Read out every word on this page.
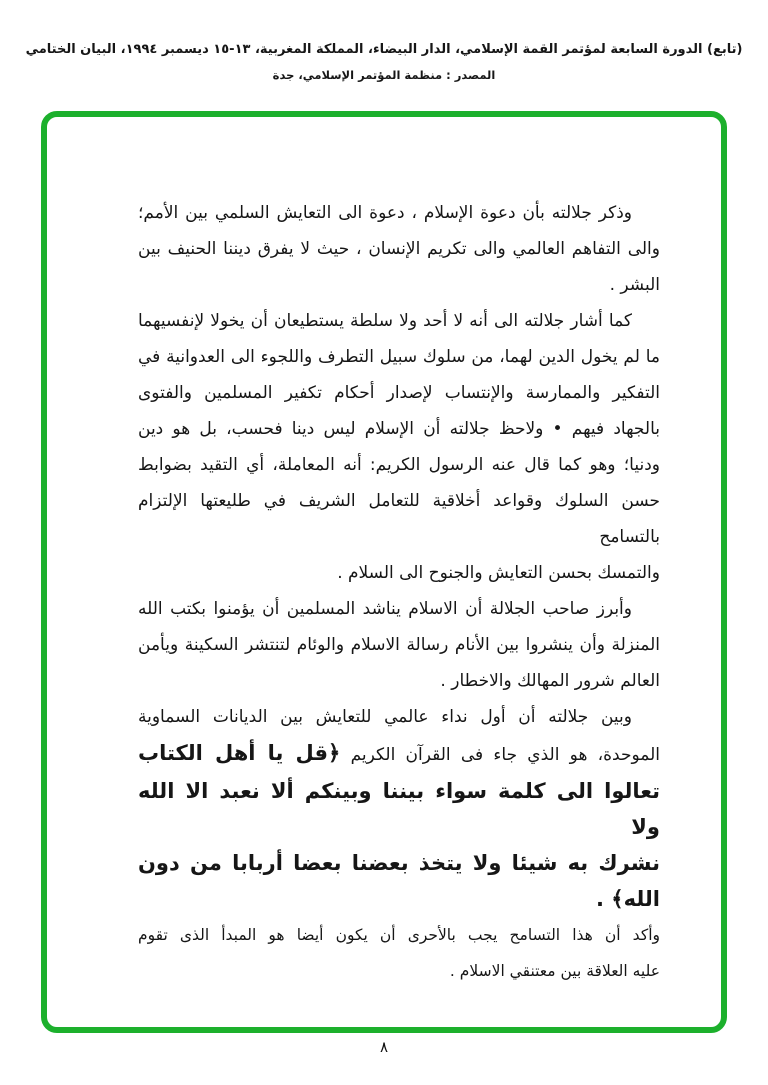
(تابع) الدورة السابعة لمؤتمر القمة الإسلامي، الدار البيضاء، المملكة المغربية، ١٣-١٥ ديسمبر ١٩٩٤، البيان الختامي
المصدر : منظمة المؤتمر الإسلامي، جدة
وذكر جلالته بأن دعوة الإسلام ، دعوة الى التعايش السلمي بين الأمم؛
والى التفاهم العالمي والى تكريم الإنسان ، حيث لا يفرق ديننا الحنيف بين
البشر .
كما أشار جلالته الى أنه لا أحد ولا سلطة يستطيعان أن يخولا لإنفسيهما
ما لم يخول الدين لهما، من سلوك سبيل التطرف واللجوء الى العدوانية في
التفكير والممارسة والإنتساب لإصدار أحكام تكفير المسلمين والفتوى
بالجهاد فيهم • ولاحظ جلالته أن الإسلام ليس دينا فحسب، بل هو دين
ودنيا؛ وهو كما قال عنه الرسول الكريم: أنه المعاملة، أي التقيد بضوابط
حسن السلوك وقواعد أخلاقية للتعامل الشريف في طليعتها الإلتزام بالتسامح
والتمسك بحسن التعايش والجنوح الى السلام .
وأبرز صاحب الجلالة أن الاسلام يناشد المسلمين أن يؤمنوا بكتب الله
المنزلة وأن ينشروا بين الأنام رسالة الاسلام والوئام لتنتشر السكينة ويأمن
العالم شرور المهالك والاخطار .
وبين جلالته أن أول نداء عالمي للتعايش بين الديانات السماوية
الموحدة، هو الذي جاء فى القرآن الكريم ﴿قل يا أهل الكتاب
تعالوا الى كلمة سواء بيننا وبينكم ألا نعبد الا الله ولا
نشرك به شيئا ولا يتخذ بعضنا بعضا أربابا من دون
الله﴾ .
وأكد أن هذا التسامح يجب بالأحرى أن يكون أيضا هو المبدأ الذى تقوم
عليه العلاقة بين معتنقي الاسلام .
٨
